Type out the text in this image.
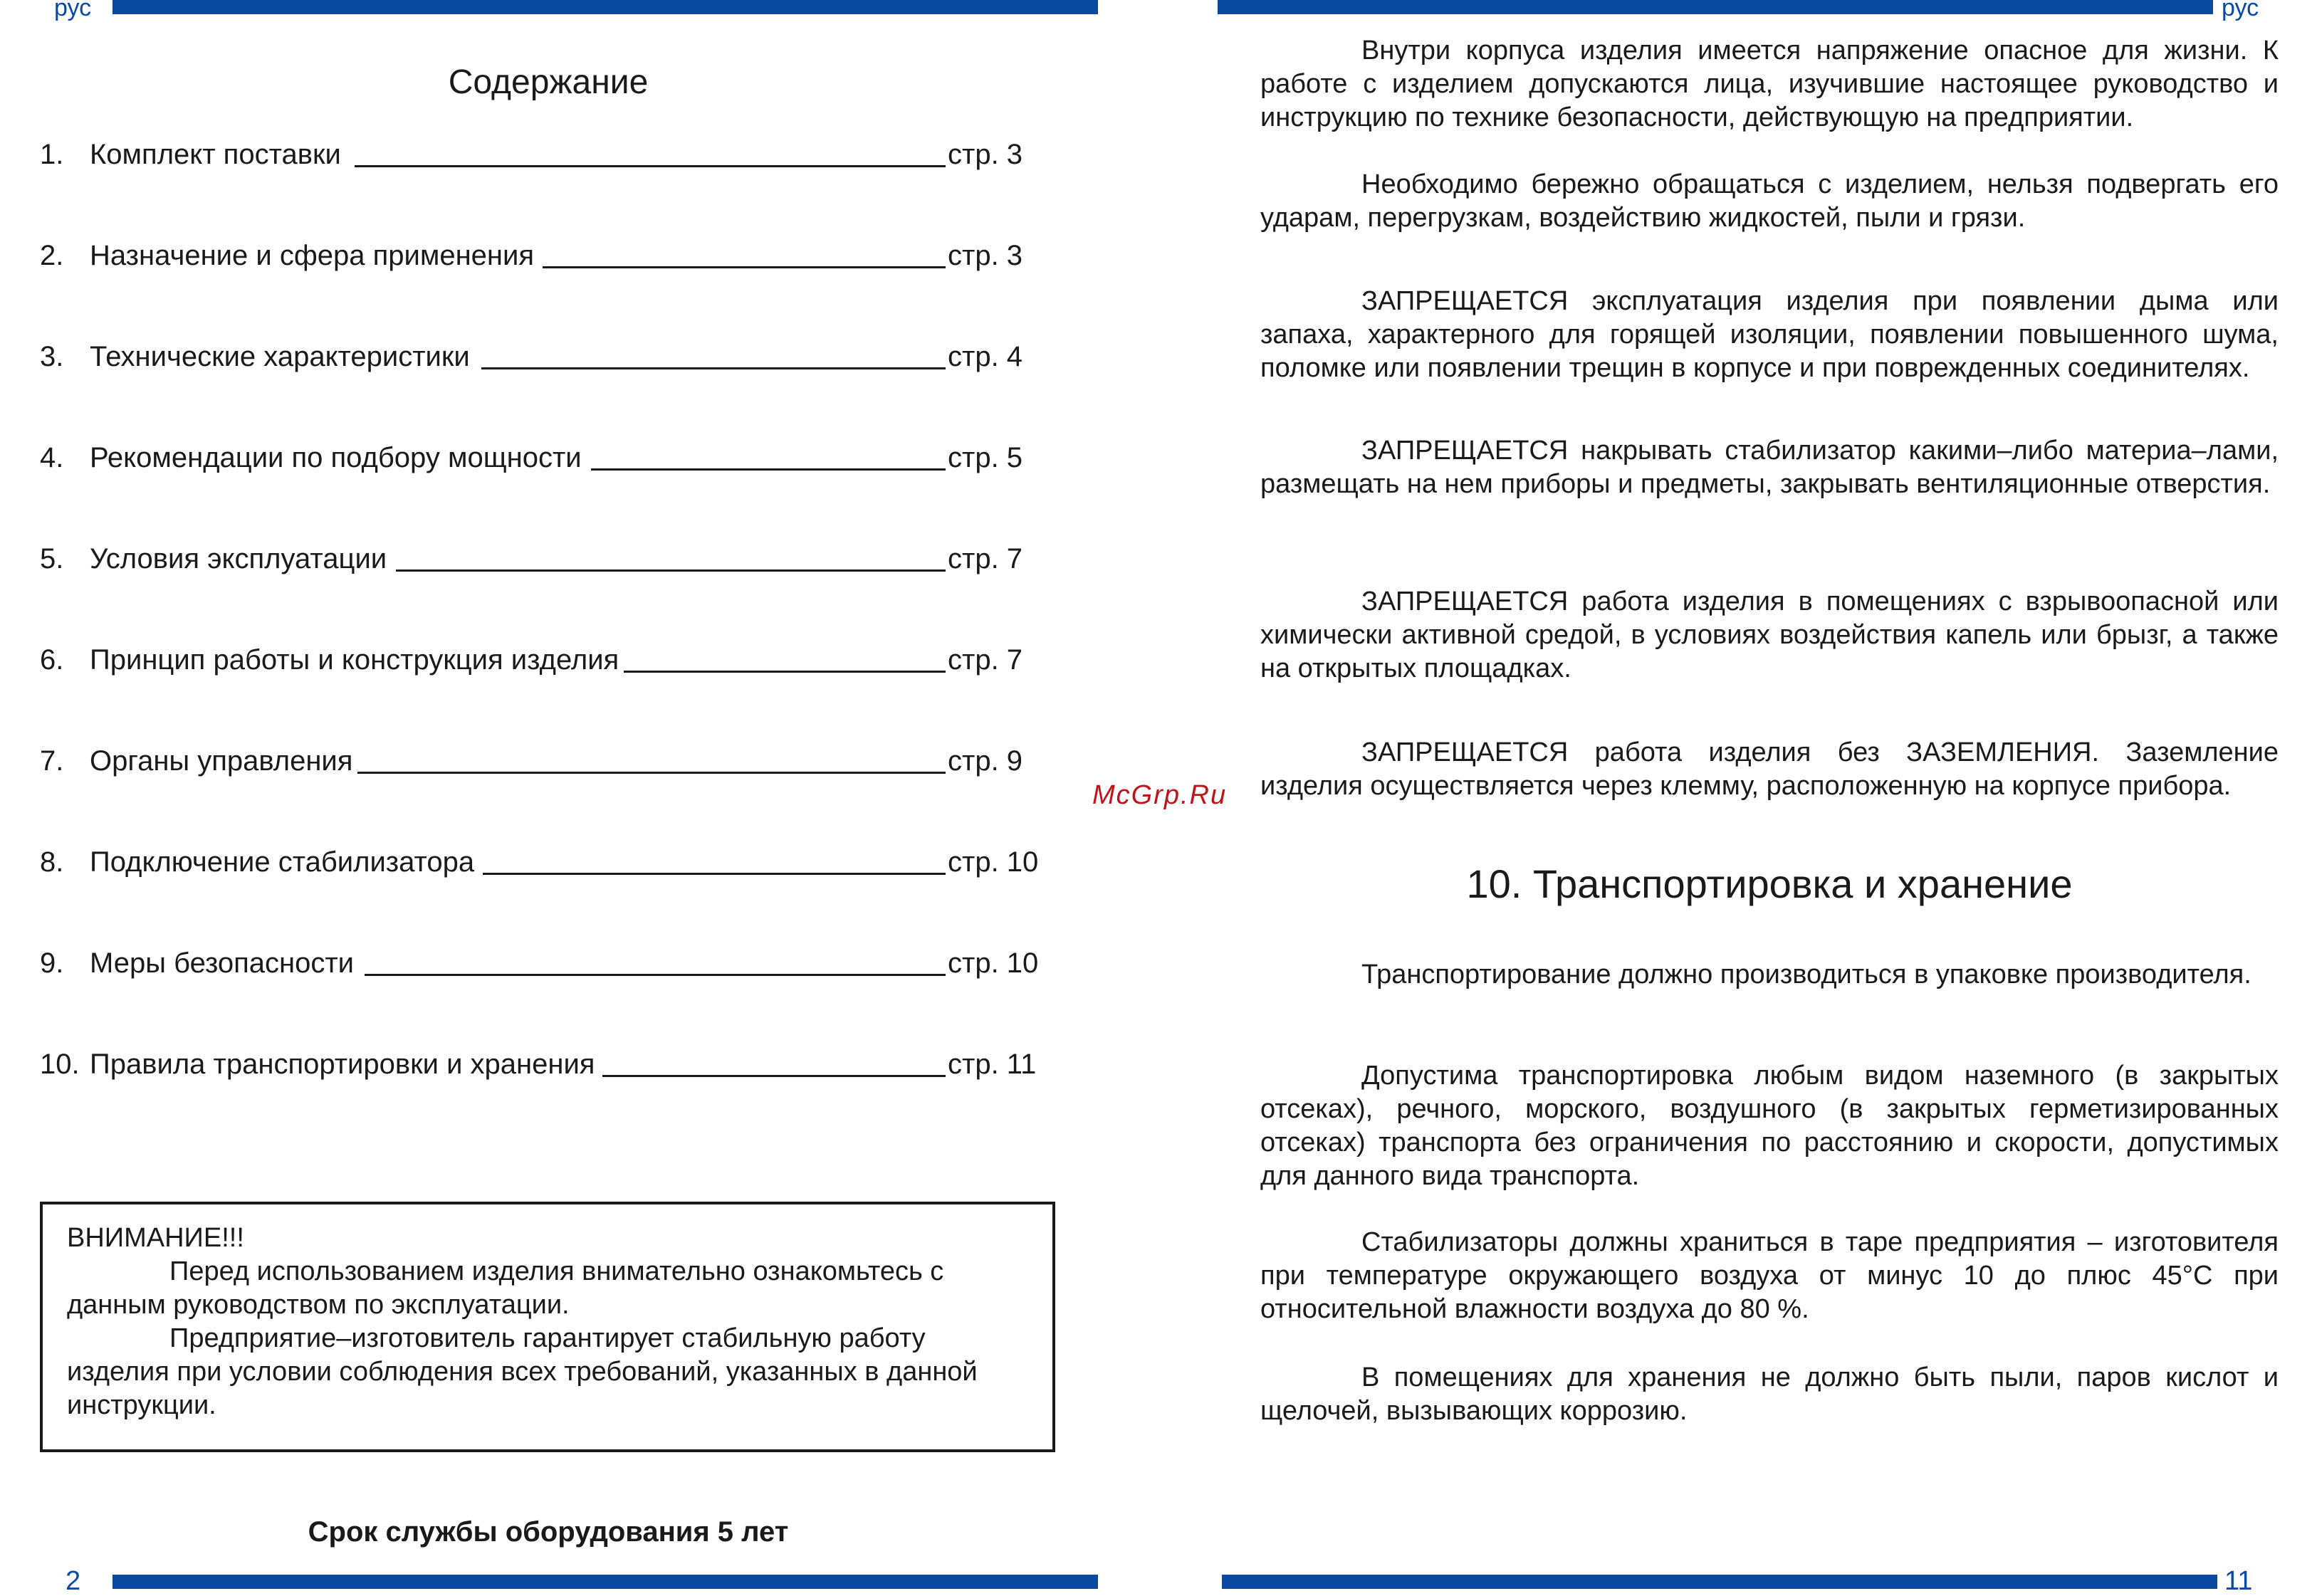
рус
Содержание
1. Комплект поставки	стр. 3
2. Назначение и сфера применения	стр. 3
3. Технические характеристики	стр. 4
4. Рекомендации по подбору мощности	стр. 5
5. Условия эксплуатации	стр. 7
6. Принцип работы и конструкция изделия	стр. 7
7. Органы управления	стр. 9
8. Подключение стабилизатора	стр. 10
9. Меры безопасности	стр. 10
10. Правила транспортировки и хранения	стр. 11

ВНИМАНИЕ!!!

Перед использованием изделия внимательно ознакомьтесь с данным руководством по эксплуатации.

Предприятие–изготовитель гарантирует стабильную работу изделия при условии соблюдения всех требований, указанных в данной инструкции.

Срок службы оборудования 5 лет
2
рус

Внутри корпуса изделия имеется напряжение опасное для жизни. К работе с изделием допускаются лица, изучившие настоящее руководство и инструкцию по технике безопасности, действующую на предприятии.

Необходимо бережно обращаться с изделием, нельзя подвергать его ударам, перегрузкам, воздействию жидкостей, пыли и грязи.

ЗАПРЕЩАЕТСЯ эксплуатация изделия при появлении дыма или запаха, характерного для горящей изоляции, появлении повышенного шума, поломке или появлении трещин в корпусе и при поврежденных соединителях.

ЗАПРЕЩАЕТСЯ накрывать стабилизатор какими–либо материа–лами, размещать на нем приборы и предметы, закрывать вентиляционные отверстия.

ЗАПРЕЩАЕТСЯ работа изделия в помещениях с взрывоопасной или химически активной средой, в условиях воздействия капель или брызг, а также на открытых площадках.

ЗАПРЕЩАЕТСЯ работа изделия без ЗАЗЕМЛЕНИЯ. Заземление изделия осуществляется через клемму, расположенную на корпусе прибора.

McGrp.Ru
10. Транспортировка и хранение

Транспортирование должно производиться в упаковке производителя.

Допустима транспортировка любым видом наземного (в закрытых отсеках), речного, морского, воздушного (в закрытых герметизированных отсеках) транспорта без ограничения по расстоянию и скорости, допустимых для данного вида транспорта.

Стабилизаторы должны храниться в таре предприятия – изготовителя при температуре окружающего воздуха от минус 10 до плюс 45°С при относительной влажности воздуха до 80 %.

В помещениях для хранения не должно быть пыли, паров кислот и щелочей, вызывающих коррозию.

11
